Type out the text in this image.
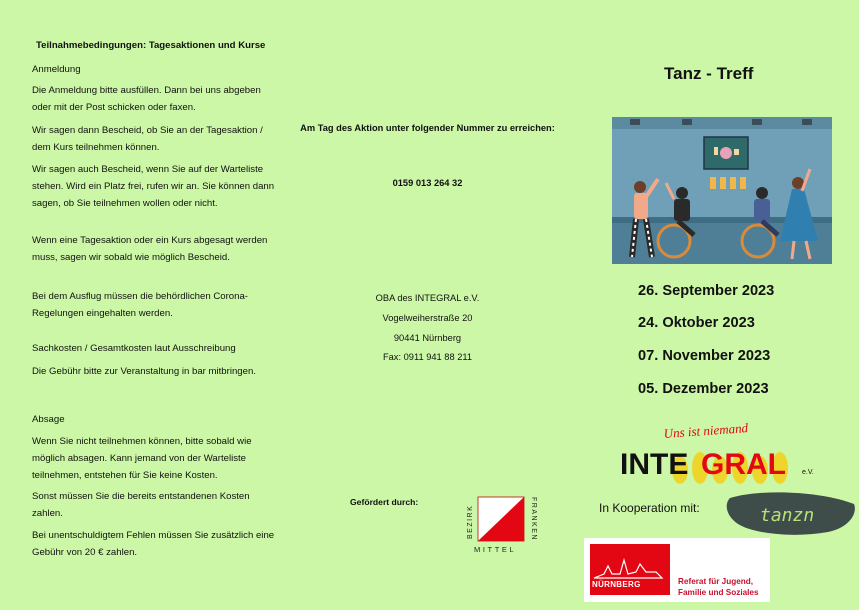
Teilnahmebedingungen: Tagesaktionen und Kurse

Anmeldung

Die Anmeldung bitte ausfüllen. Dann bei uns abgeben oder mit der Post schicken oder faxen.

Wir sagen dann Bescheid, ob Sie an der Tagesaktion / dem Kurs teilnehmen können.

Wir sagen auch Bescheid, wenn Sie auf der Warteliste stehen. Wird ein Platz frei, rufen wir an. Sie können dann sagen, ob Sie teilnehmen wollen oder nicht.

Wenn eine Tagesaktion oder ein Kurs abgesagt werden muss, sagen wir sobald wie möglich Bescheid.

Bei dem Ausflug müssen die behördlichen Corona-Regelungen eingehalten werden.

Sachkosten / Gesamtkosten laut Ausschreibung

Die Gebühr bitte zur Veranstaltung in bar mitbringen.

Absage

Wenn Sie nicht teilnehmen können, bitte sobald wie möglich absagen. Kann jemand von der Warteliste teilnehmen, entstehen für Sie keine Kosten.

Sonst müssen Sie die bereits entstandenen Kosten zahlen.

Bei unentschuldigtem Fehlen müssen Sie zusätzlich eine Gebühr von 20 € zahlen.

Am Tag des Aktion unter folgender Nummer zu erreichen:
0159 013 264 32
OBA des INTEGRAL e.V.
Vogelweiherstraße 20
90441 Nürnberg
Fax: 0911 941 88 211
Gefördert durch:
BEZIRK	FRANKEN
MITTEL
Tanz - Treff
26. September 2023
24. Oktober 2023
07. November 2023
05. Dezember 2023
Uns ist niemand
INTE GRAL e.V.
In Kooperation mit:	tanzn
NÜRNBERG	Referat für Jugend,
Familie und Soziales
